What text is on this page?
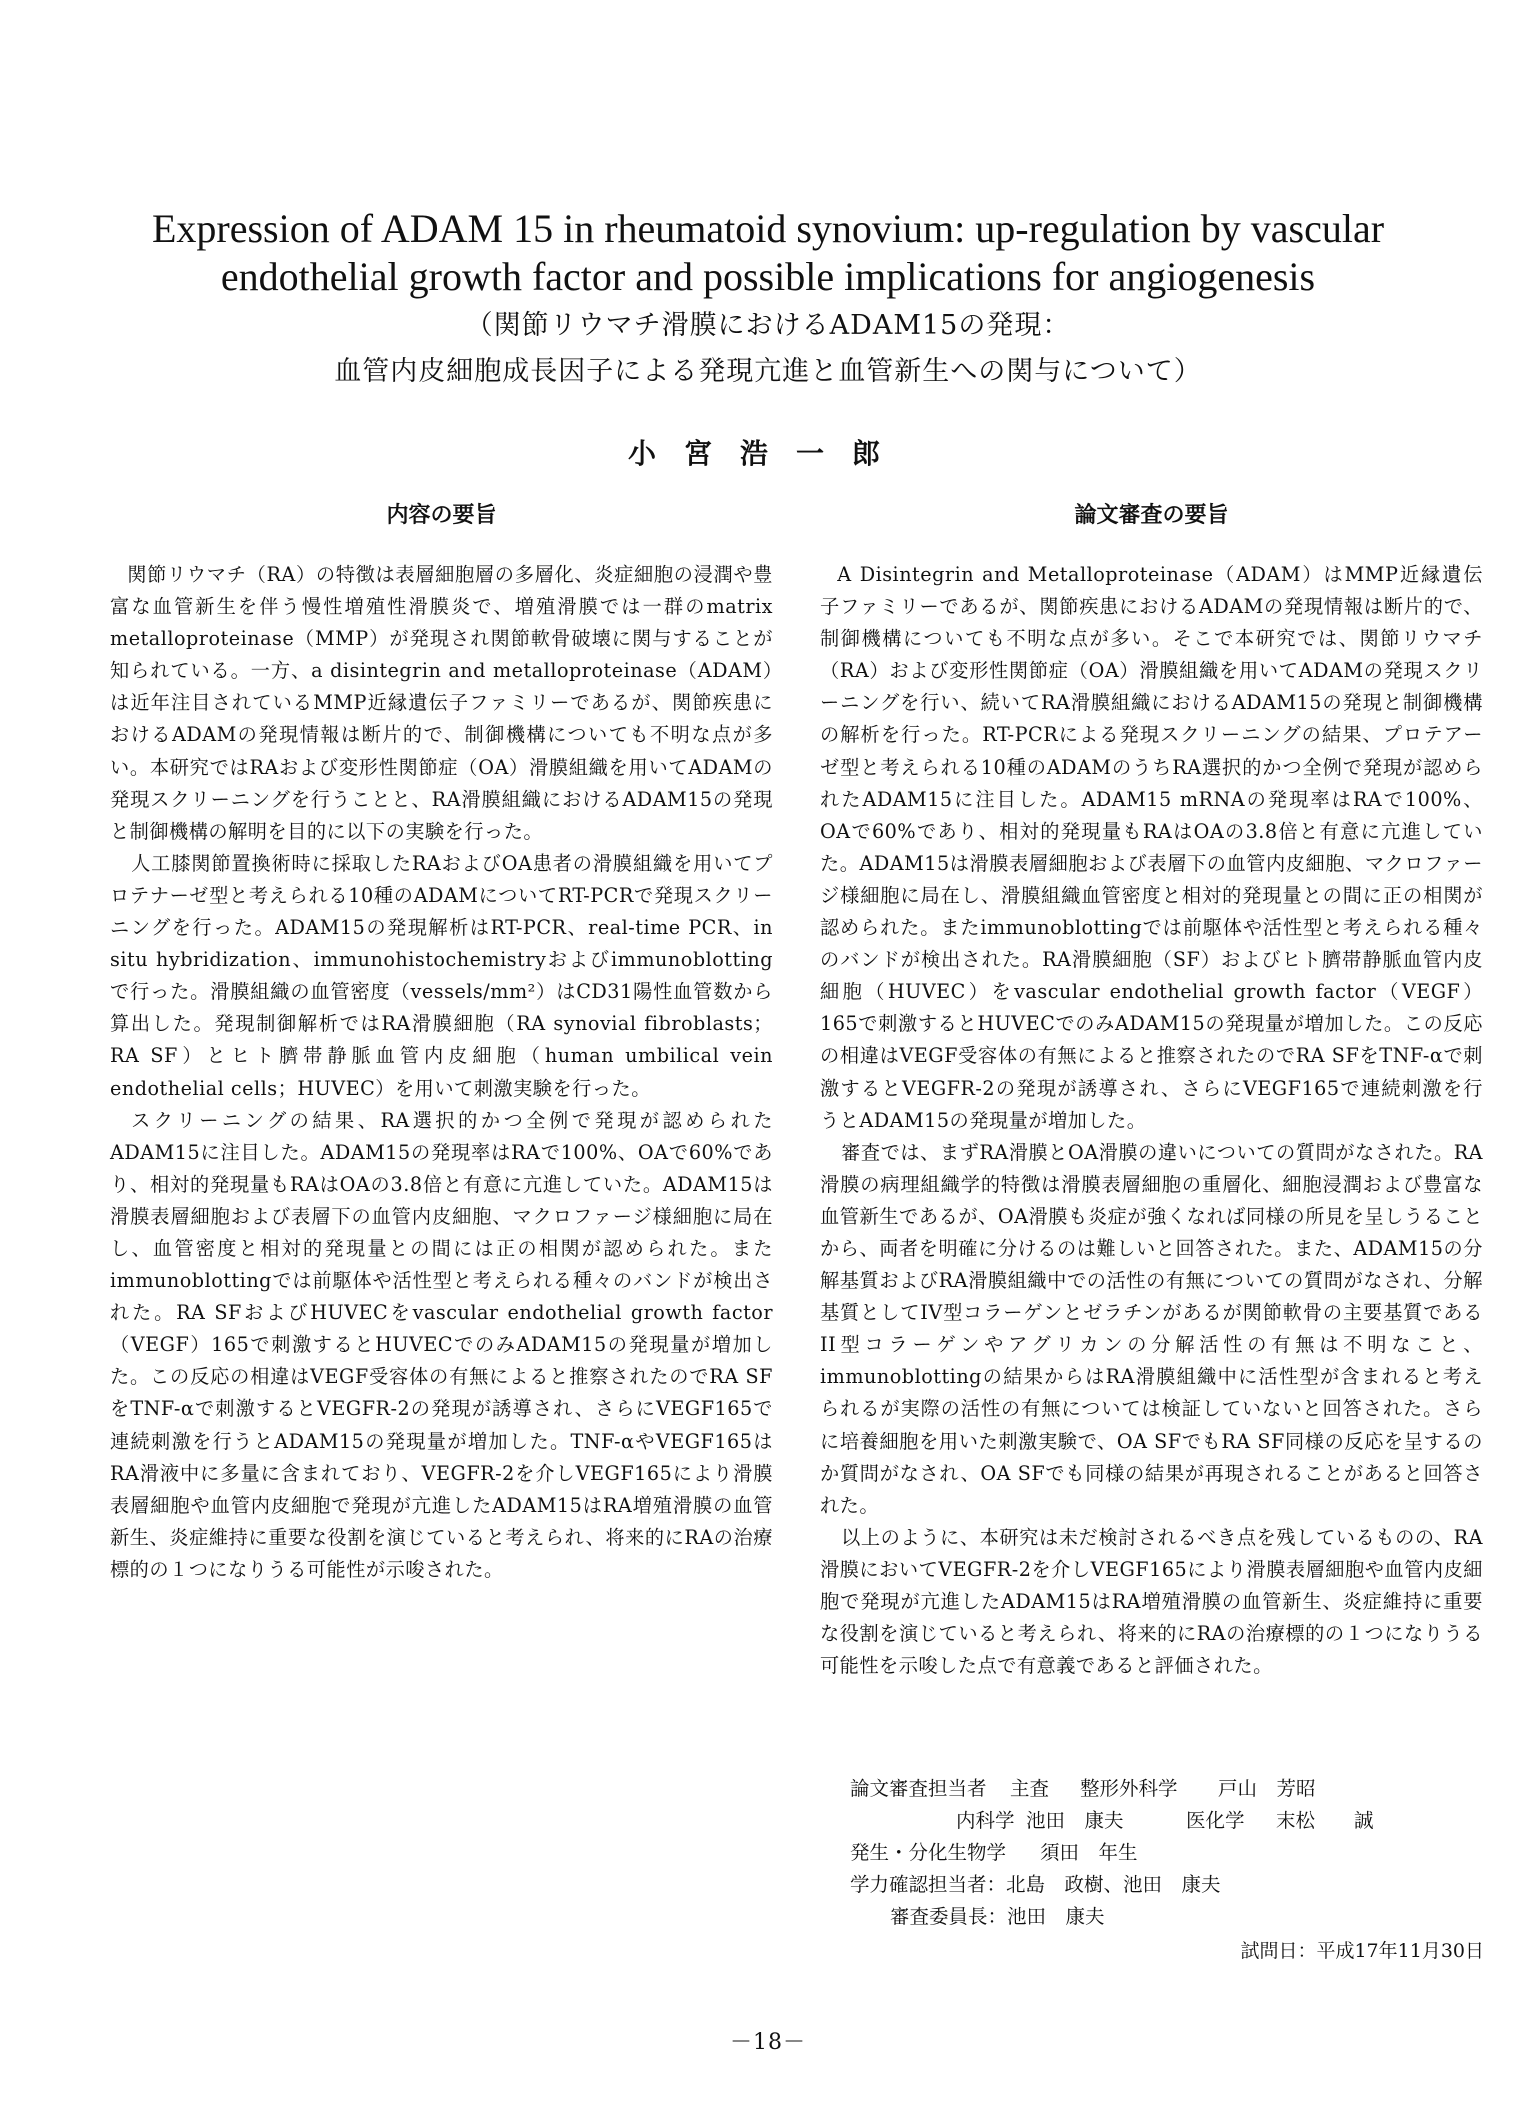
Expression of ADAM 15 in rheumatoid synovium: up-regulation by vascular

endothelial growth factor and possible implications for angiogenesis

（関節リウマチ滑膜におけるADAM15の発現：

血管内皮細胞成長因子による発現亢進と血管新生への関与について）

小宮浩一郎
内容の要旨

関節リウマチ（RA）の特徴は表層細胞層の多層化、炎症細胞の浸潤や豊富な血管新生を伴う慢性増殖性滑膜炎で、増殖滑膜では一群のmatrix metalloproteinase（MMP）が発現され関節軟骨破壊に関与することが知られている。一方、a disintegrin and metalloproteinase（ADAM）は近年注目されているMMP近縁遺伝子ファミリーであるが、関節疾患におけるADAMの発現情報は断片的で、制御機構についても不明な点が多い。本研究ではRAおよび変形性関節症（OA）滑膜組織を用いてADAMの発現スクリーニングを行うことと、RA滑膜組織におけるADAM15の発現と制御機構の解明を目的に以下の実験を行った。

人工膝関節置換術時に採取したRAおよびOA患者の滑膜組織を用いてプロテナーゼ型と考えられる10種のADAMについてRT-PCRで発現スクリーニングを行った。ADAM15の発現解析はRT-PCR、real-time PCR、in situ hybridization、immunohistochemistryおよびimmunoblottingで行った。滑膜組織の血管密度（vessels/mm²）はCD31陽性血管数から算出した。発現制御解析ではRA滑膜細胞（RA synovial fibroblasts；RA SF）とヒト臍帯静脈血管内皮細胞（human umbilical vein endothelial cells；HUVEC）を用いて刺激実験を行った。

スクリーニングの結果、RA選択的かつ全例で発現が認められたADAM15に注目した。ADAM15の発現率はRAで100%、OAで60%であり、相対的発現量もRAはOAの3.8倍と有意に亢進していた。ADAM15は滑膜表層細胞および表層下の血管内皮細胞、マクロファージ様細胞に局在し、血管密度と相対的発現量との間には正の相関が認められた。またimmunoblottingでは前駆体や活性型と考えられる種々のバンドが検出された。RA SFおよびHUVECをvascular endothelial growth factor（VEGF）165で刺激するとHUVECでのみADAM15の発現量が増加した。この反応の相違はVEGF受容体の有無によると推察されたのでRA SFをTNF-αで刺激するとVEGFR-2の発現が誘導され、さらにVEGF165で連続刺激を行うとADAM15の発現量が増加した。TNF-αやVEGF165はRA滑液中に多量に含まれており、VEGFR-2を介しVEGF165により滑膜表層細胞や血管内皮細胞で発現が亢進したADAM15はRA増殖滑膜の血管新生、炎症維持に重要な役割を演じていると考えられ、将来的にRAの治療標的の１つになりうる可能性が示唆された。

論文審査の要旨

A Disintegrin and Metalloproteinase（ADAM）はMMP近縁遺伝子ファミリーであるが、関節疾患におけるADAMの発現情報は断片的で、制御機構についても不明な点が多い。そこで本研究では、関節リウマチ（RA）および変形性関節症（OA）滑膜組織を用いてADAMの発現スクリーニングを行い、続いてRA滑膜組織におけるADAM15の発現と制御機構の解析を行った。RT-PCRによる発現スクリーニングの結果、プロテアーゼ型と考えられる10種のADAMのうちRA選択的かつ全例で発現が認められたADAM15に注目した。ADAM15 mRNAの発現率はRAで100%、OAで60%であり、相対的発現量もRAはOAの3.8倍と有意に亢進していた。ADAM15は滑膜表層細胞および表層下の血管内皮細胞、マクロファージ様細胞に局在し、滑膜組織血管密度と相対的発現量との間に正の相関が認められた。またimmunoblottingでは前駆体や活性型と考えられる種々のバンドが検出された。RA滑膜細胞（SF）およびヒト臍帯静脈血管内皮細胞（HUVEC）をvascular endothelial growth factor（VEGF）165で刺激するとHUVECでのみADAM15の発現量が増加した。この反応の相違はVEGF受容体の有無によると推察されたのでRA SFをTNF-αで刺激するとVEGFR-2の発現が誘導され、さらにVEGF165で連続刺激を行うとADAM15の発現量が増加した。

審査では、まずRA滑膜とOA滑膜の違いについての質問がなされた。RA滑膜の病理組織学的特徴は滑膜表層細胞の重層化、細胞浸潤および豊富な血管新生であるが、OA滑膜も炎症が強くなれば同様の所見を呈しうることから、両者を明確に分けるのは難しいと回答された。また、ADAM15の分解基質およびRA滑膜組織中での活性の有無についての質問がなされ、分解基質としてIV型コラーゲンとゼラチンがあるが関節軟骨の主要基質であるII型コラーゲンやアグリカンの分解活性の有無は不明なこと、immunoblottingの結果からはRA滑膜組織中に活性型が含まれると考えられるが実際の活性の有無については検証していないと回答された。さらに培養細胞を用いた刺激実験で、OA SFでもRA SF同様の反応を呈するのか質問がなされ、OA SFでも同様の結果が再現されることがあると回答された。

以上のように、本研究は未だ検討されるべき点を残しているものの、RA滑膜においてVEGFR-2を介しVEGF165により滑膜表層細胞や血管内皮細胞で発現が亢進したADAM15はRA増殖滑膜の血管新生、炎症維持に重要な役割を演じていると考えられ、将来的にRAの治療標的の１つになりうる可能性を示唆した点で有意義であると評価された。

論文審査担当者 主査 整形外科学 戸山　芳昭

内科学 池田　康夫	医化学 末松　　誠

発生・分化生物学 須田　年生

学力確認担当者：北島　政樹、池田　康夫

審査委員長：池田　康夫

試問日：平成17年11月30日
－18－
